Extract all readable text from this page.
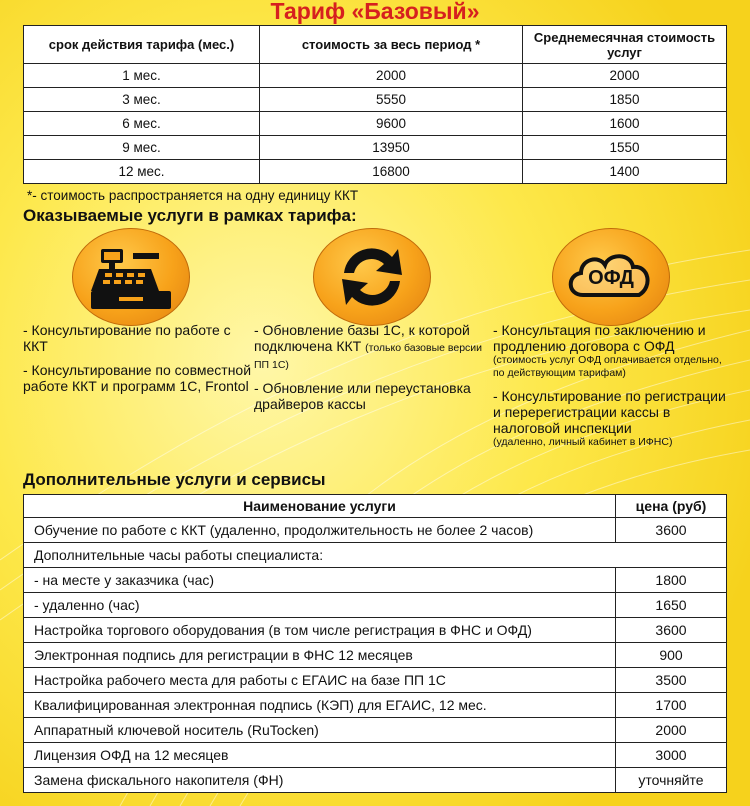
Тариф «Базовый»
срок действия тарифа (мес.)	стоимость за весь период *	Среднемесячная стоимость услуг
1 мес.	2000	2000
3 мес.	5550	1850
6 мес.	9600	1600
9 мес.	13950	1550
12 мес.	16800	1400
*- стоимость распространяется на одну единицу ККТ
Оказываемые услуги в рамках тарифа:
ОФД
- Консультирование по работе с ККТ
- Консультирование по совместной работе ККТ и программ 1С, Frontol
- Обновление базы 1С, к которой подключена ККТ (только базовые версии ПП 1С)
- Обновление или переустановка драйверов кассы
- Консультация по заключению и продлению договора с ОФД
(стоимость услуг ОФД оплачивается отдельно, по действующим тарифам)
- Консультирование по регистрации и перерегистрации кассы в налоговой инспекции
(удаленно, личный кабинет в ИФНС)
Дополнительные услуги и сервисы
Наименование услуги	цена (руб)
Обучение по работе с ККТ (удаленно, продолжительность не более 2 часов)	3600
Дополнительные часы работы специалиста:	
- на месте у заказчика (час)	1800
- удаленно (час)	1650
Настройка торгового оборудования (в том числе регистрация в ФНС и ОФД)	3600
Электронная подпись для регистрации в ФНС 12 месяцев	900
Настройка рабочего места для работы с ЕГАИС на базе ПП 1С	3500
Квалифицированная электронная подпись (КЭП) для ЕГАИС, 12 мес.	1700
Аппаратный ключевой носитель (RuTocken)	2000
Лицензия ОФД на 12 месяцев	3000
Замена фискального накопителя (ФН)	уточняйте
